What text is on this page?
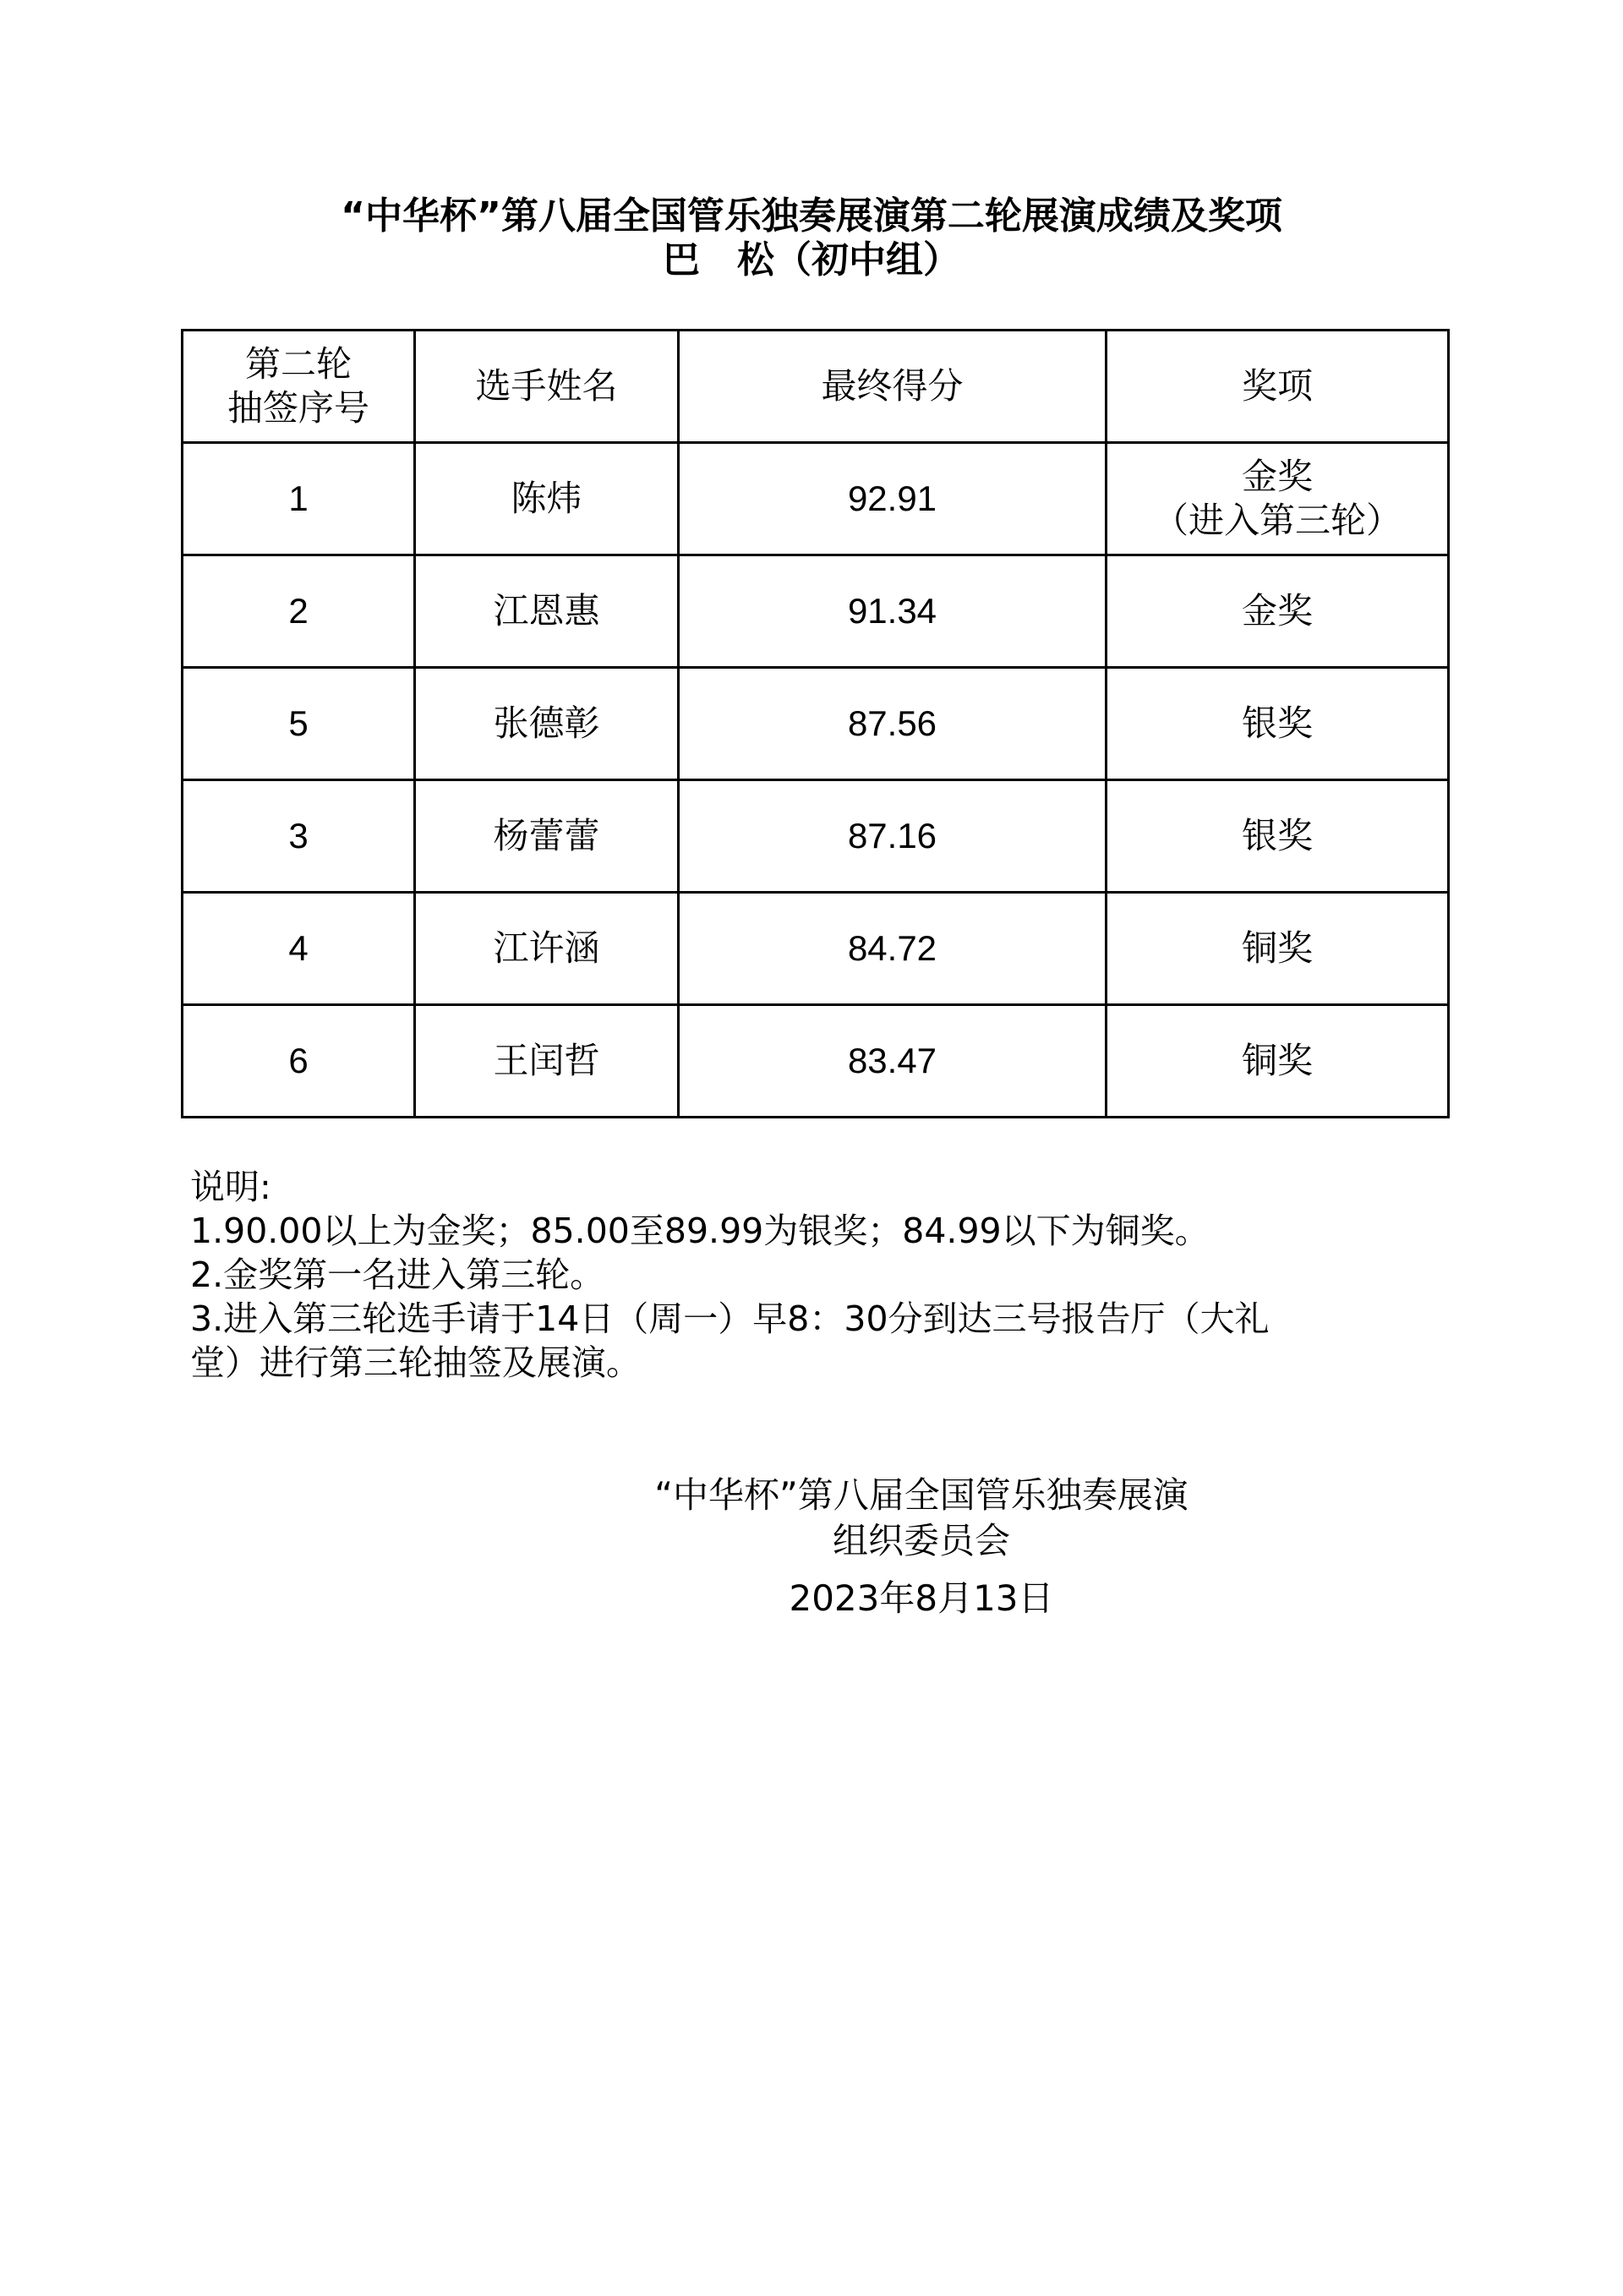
“中华杯”第八届全国管乐独奏展演第二轮展演成绩及奖项
巴　松（初中组）
第二轮
抽签序号	选手姓名	最终得分	奖项
1	陈炜	92.91	金奖
（进入第三轮）

2	江恩惠	91.34	金奖
5	张德彰	87.56	银奖
3	杨蕾蕾	87.16	银奖
4	江许涵	84.72	铜奖
6	王闰哲	83.47	铜奖
说明:
1.90.00以上为金奖；85.00至89.99为银奖；84.99以下为铜奖。
2.金奖第一名进入第三轮。
3.进入第三轮选手请于14日（周一）早8：30分到达三号报告厅（大礼
堂）进行第三轮抽签及展演。
“中华杯”第八届全国管乐独奏展演
组织委员会
2023年8月13日
